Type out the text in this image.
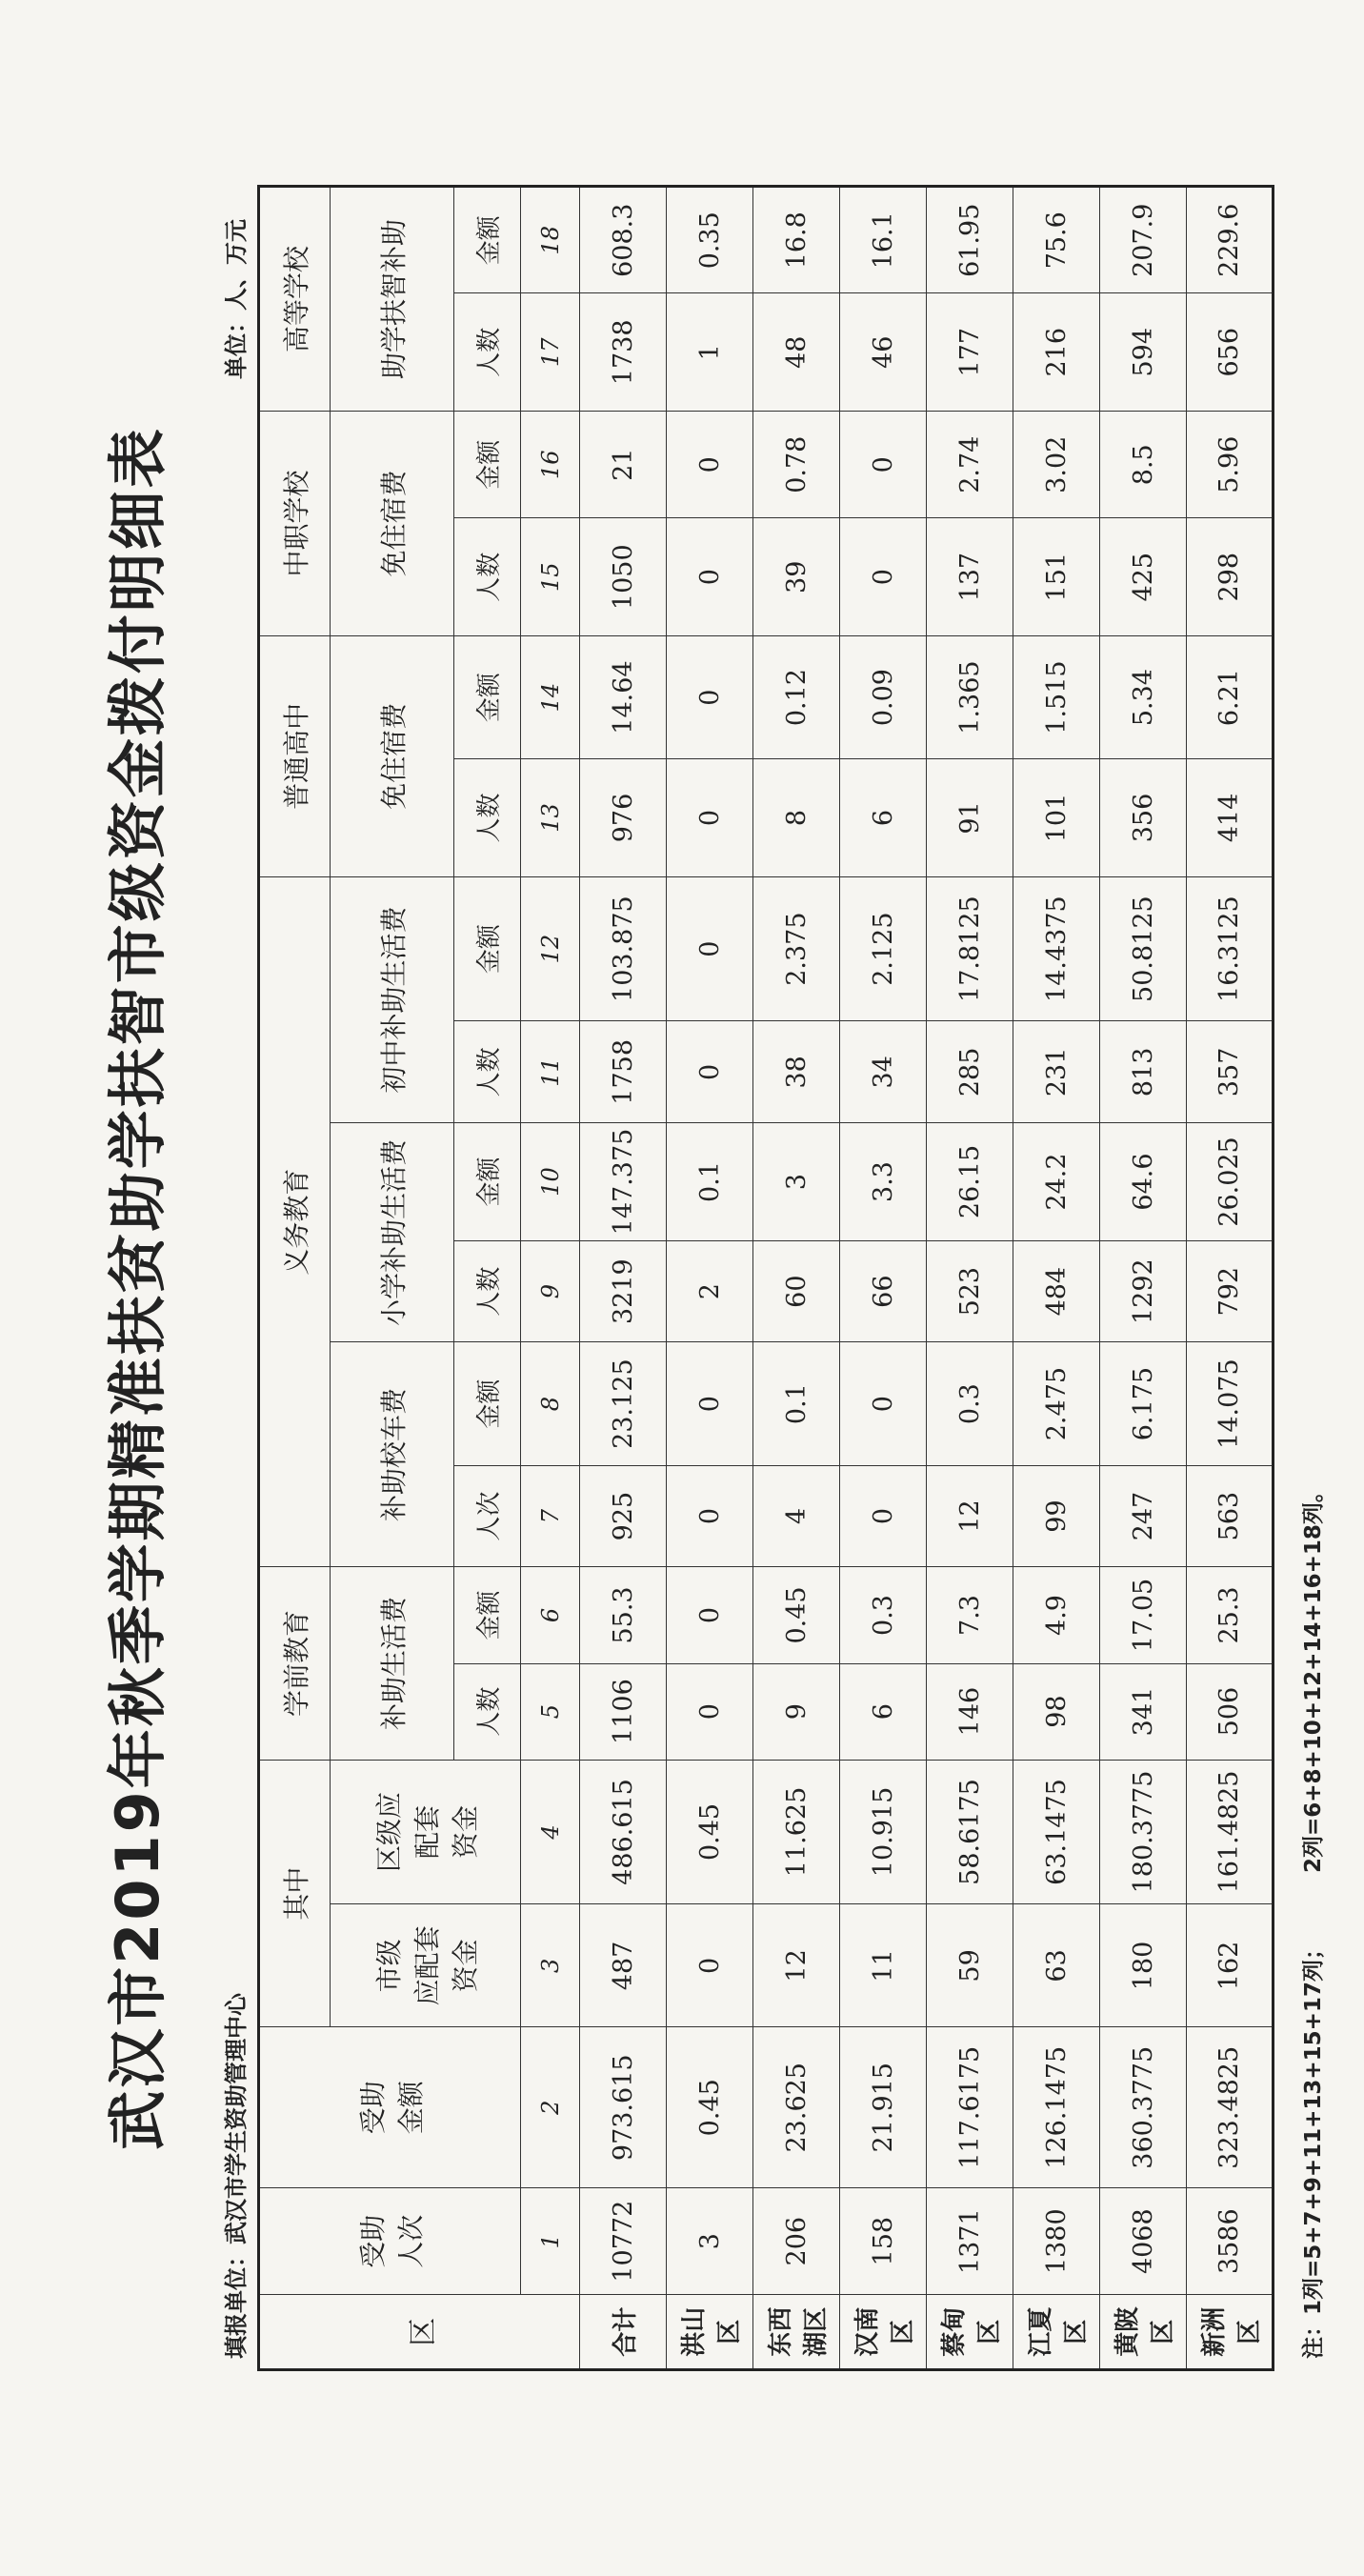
武汉市2019年秋季学期精准扶贫助学扶智市级资金拨付明细表
填报单位：武汉市学生资助管理中心
单位：人、万元
区	受助
人次	受助
金额	其中		学前教育		义务教育						普通高中		中职学校		高等学校	
			市级
应配套
资金	区级应
配套
资金	补助生活费		补助校车费		小学补助生活费		初中补助生活费		免住宿费		免住宿费		助学扶智补助	
					人数	金额	人次	金额	人数	金额	人数	金额	人数	金额	人数	金额	人数	金额
	1	2	3	4	5	6	7	8	9	10	11	12	13	14	15	16	17	18
合计	10772	973.615	487	486.615	1106	55.3	925	23.125	3219	147.375	1758	103.875	976	14.64	1050	21	1738	608.3
洪山区	3	0.45	0	0.45	0	0	0	0	2	0.1	0	0	0	0	0	0	1	0.35
东西湖区	206	23.625	12	11.625	9	0.45	4	0.1	60	3	38	2.375	8	0.12	39	0.78	48	16.8
汉南区	158	21.915	11	10.915	6	0.3	0	0	66	3.3	34	2.125	6	0.09	0	0	46	16.1
蔡甸区	1371	117.6175	59	58.6175	146	7.3	12	0.3	523	26.15	285	17.8125	91	1.365	137	2.74	177	61.95
江夏区	1380	126.1475	63	63.1475	98	4.9	99	2.475	484	24.2	231	14.4375	101	1.515	151	3.02	216	75.6
黄陂区	4068	360.3775	180	180.3775	341	17.05	247	6.175	1292	64.6	813	50.8125	356	5.34	425	8.5	594	207.9
新洲区	3586	323.4825	162	161.4825	506	25.3	563	14.075	792	26.025	357	16.3125	414	6.21	298	5.96	656	229.6
注：1列=5+7+9+11+13+15+17列； 2列=6+8+10+12+14+16+18列。
